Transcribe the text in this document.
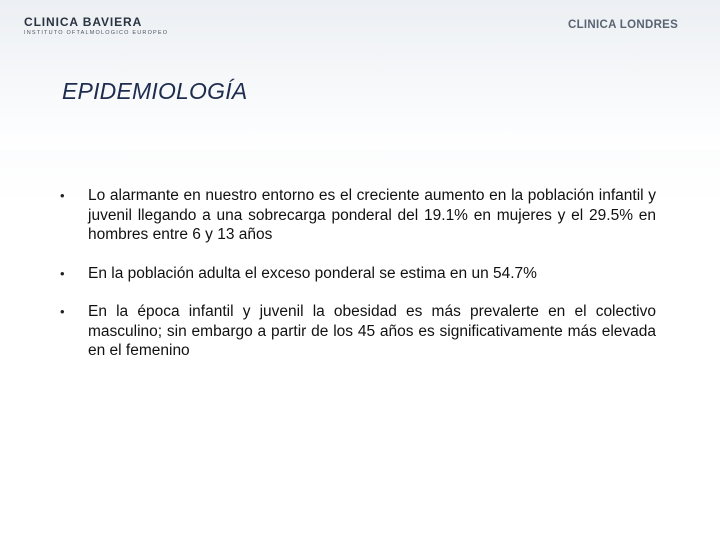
CLINICA BAVIERA
INSTITUTO OFTALMOLOGICO EUROPEO
CLINICA LONDRES
EPIDEMIOLOGÍA
• Lo alarmante en nuestro entorno es el creciente aumento en la población infantil y juvenil llegando a una sobrecarga ponderal del 19.1% en mujeres y el 29.5% en hombres entre 6 y 13 años
• En la población adulta el exceso ponderal se estima en un 54.7%
• En la época infantil y juvenil la obesidad es más prevalerte en el colectivo masculino; sin embargo a partir de los 45 años es significativamente más elevada en el femenino
